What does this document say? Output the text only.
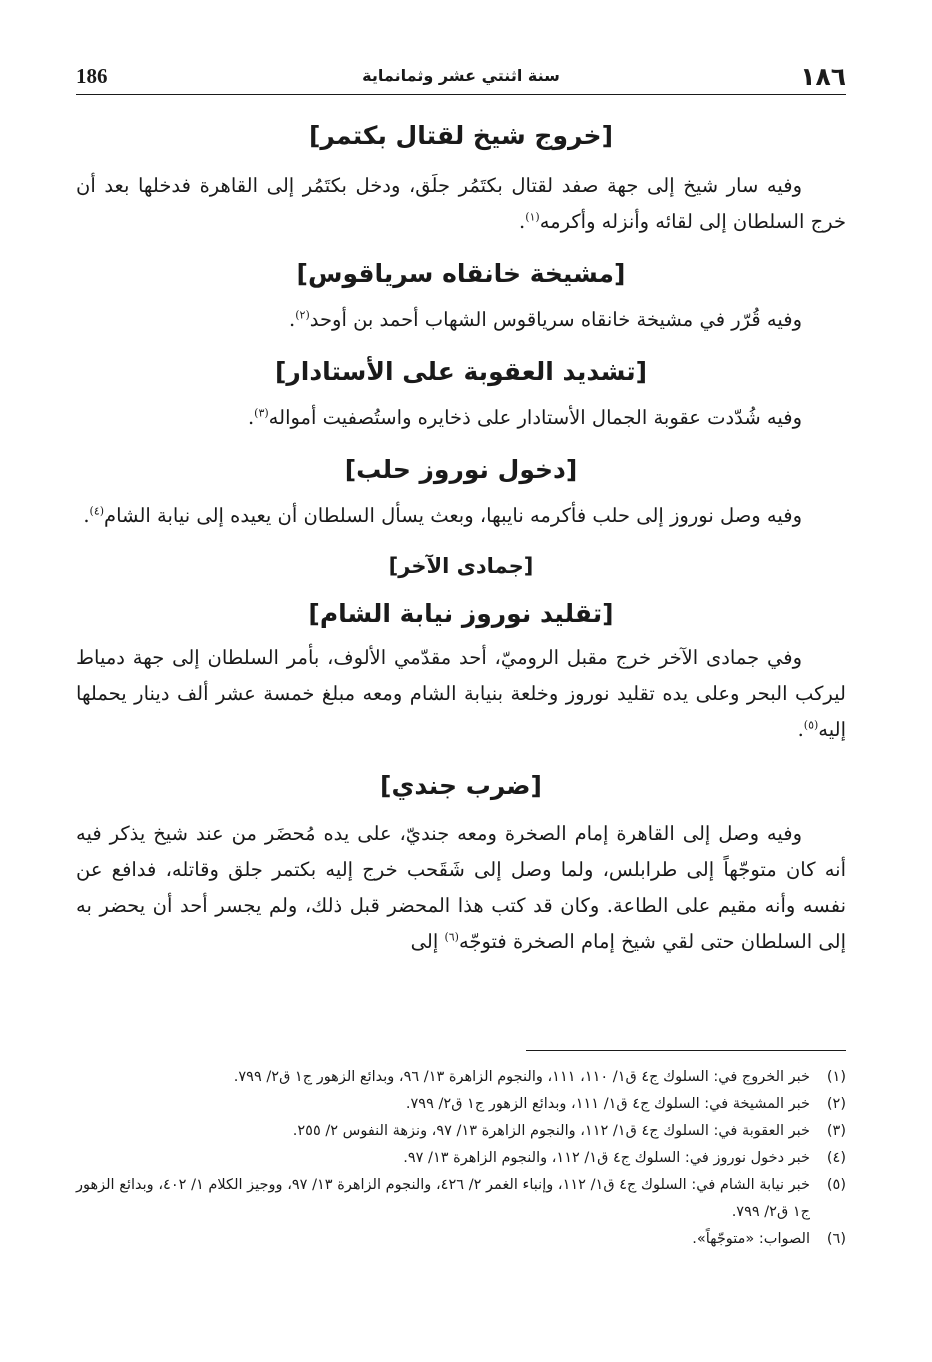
١٨٦
سنة اثنتي عشر وثمانماية
186
[خروج شيخ لقتال بكتمر]

وفيه سار شيخ إلى جهة صفد لقتال بكتَمُر جلَق، ودخل بكتَمُر إلى القاهرة فدخلها بعد أن خرج السلطان إلى لقائه وأنزله وأكرمه$^{(١)}$.

[مشيخة خانقاه سرياقوس]

وفيه قُرّر في مشيخة خانقاه سرياقوس الشهاب أحمد بن أوحد$^{(٢)}$.

[تشديد العقوبة على الأستادار]

وفيه شُدّدت عقوبة الجمال الأستادار على ذخايره واستُصفيت أمواله$^{(٣)}$.

[دخول نوروز حلب]

وفيه وصل نوروز إلى حلب فأكرمه نايبها، وبعث يسأل السلطان أن يعيده إلى نيابة الشام$^{(٤)}$.

[جمادى الآخر]
[تقليد نوروز نيابة الشام]

وفي جمادى الآخر خرج مقبل الروميّ، أحد مقدّمي الألوف، بأمر السلطان إلى جهة دمياط ليركب البحر وعلى يده تقليد نوروز وخلعة بنيابة الشام ومعه مبلغ خمسة عشر ألف دينار يحملها إليه$^{(٥)}$.

[ضرب جندي]

وفيه وصل إلى القاهرة إمام الصخرة ومعه جنديّ، على يده مُحضَر من عند شيخ يذكر فيه أنه كان متوجّهاً إلى طرابلس، ولما وصل إلى شَقَحب خرج إليه بكتمر جلق وقاتله، فدافع عن نفسه وأنه مقيم على الطاعة. وكان قد كتب هذا المحضر قبل ذلك، ولم يجسر أحد أن يحضر به إلى السلطان حتى لقي شيخ إمام الصخرة فتوجّه$^{(٦)}$ إلى

(١)
خبر الخروج في: السلوك ج٤ ق١/ ١١٠، ١١١، والنجوم الزاهرة ١٣/ ٩٦، وبدائع الزهور ج١ ق٢/ ٧٩٩.

(٢)
خبر المشيخة في: السلوك ج٤ ق١/ ١١١، وبدائع الزهور ج١ ق٢/ ٧٩٩.

(٣)
خبر العقوبة في: السلوك ج٤ ق١/ ١١٢، والنجوم الزاهرة ١٣/ ٩٧، ونزهة النفوس ٢/ ٢٥٥.

(٤)
خبر دخول نوروز في: السلوك ج٤ ق١/ ١١٢، والنجوم الزاهرة ١٣/ ٩٧.

(٥)
خبر نيابة الشام في: السلوك ج٤ ق١/ ١١٢، وإنباء الغمر ٢/ ٤٢٦، والنجوم الزاهرة ١٣/ ٩٧، ووجيز الكلام ١/ ٤٠٢، وبدائع الزهور ج١ ق٢/ ٧٩٩.

(٦)
الصواب: «متوجّهاً».
